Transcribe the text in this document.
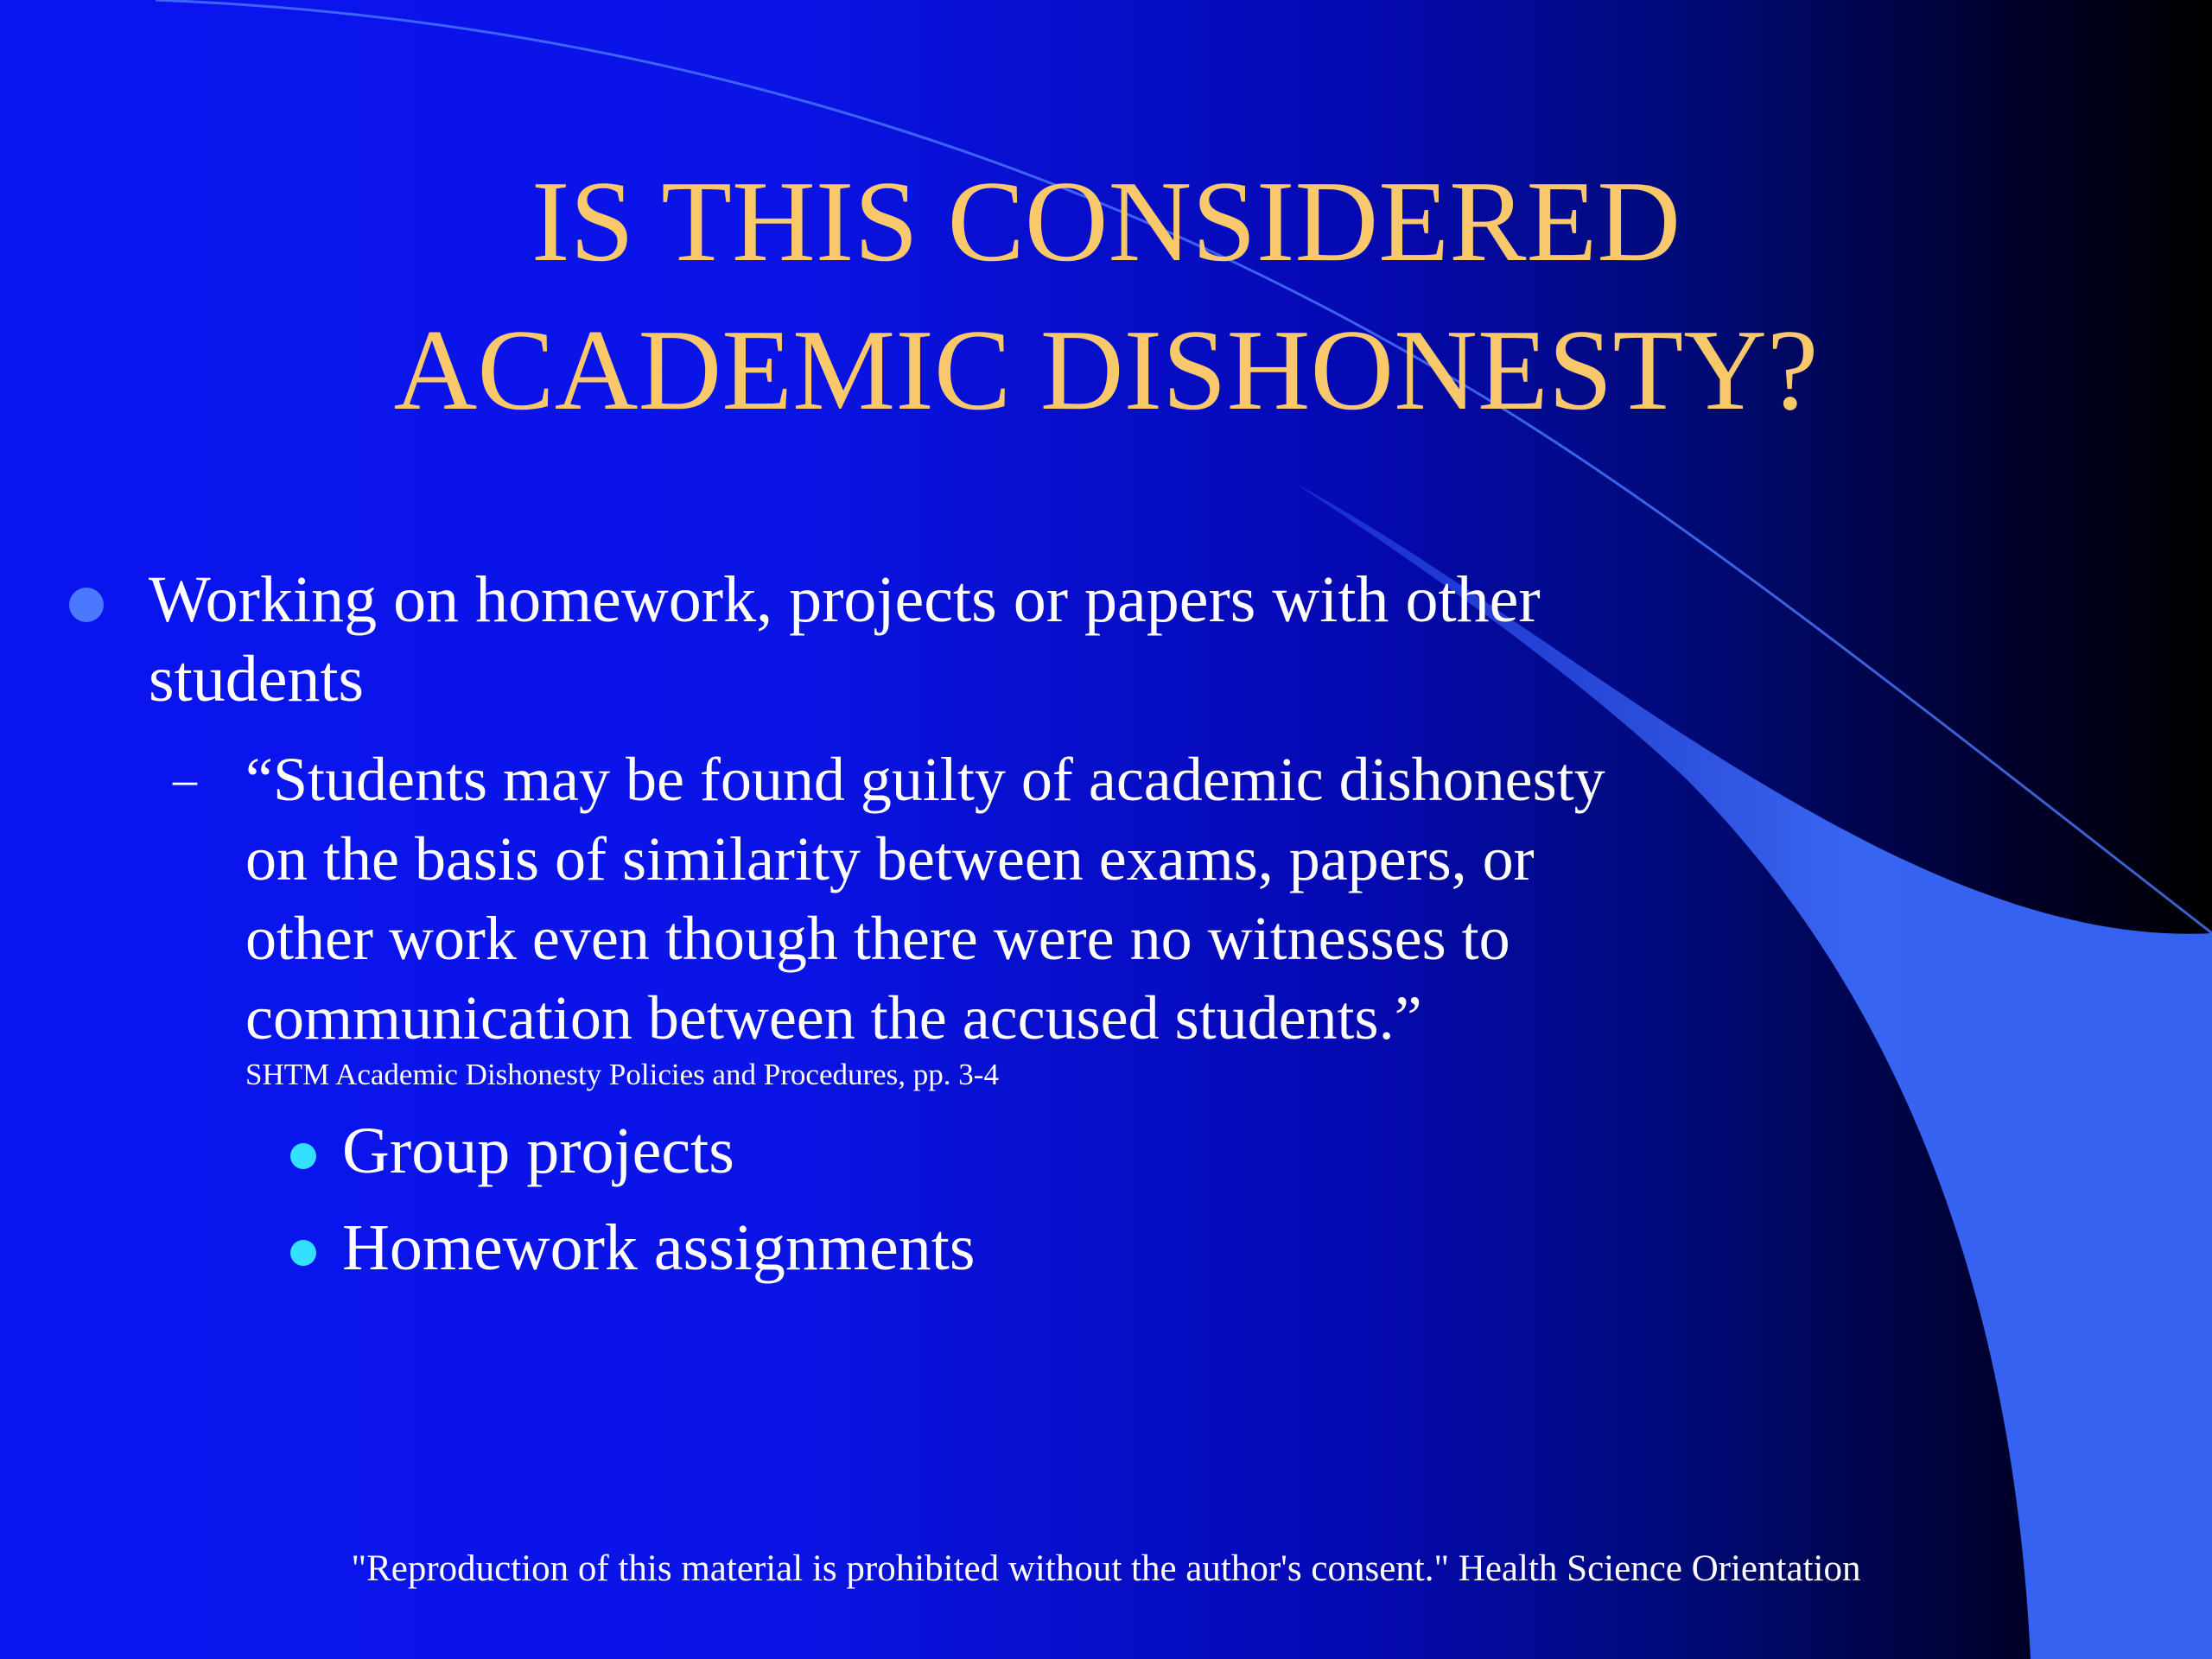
IS THIS CONSIDERED
ACADEMIC DISHONESTY?
Working on homework, projects or papers with other
students
– “Students may be found guilty of academic dishonesty
on the basis of similarity between exams, papers, or
other work even though there were no witnesses to
communication between the accused students.”
SHTM Academic Dishonesty Policies and Procedures, pp. 3-4
Group projects
Homework assignments
"Reproduction of this material is prohibited without the author's consent." Health Science Orientation
